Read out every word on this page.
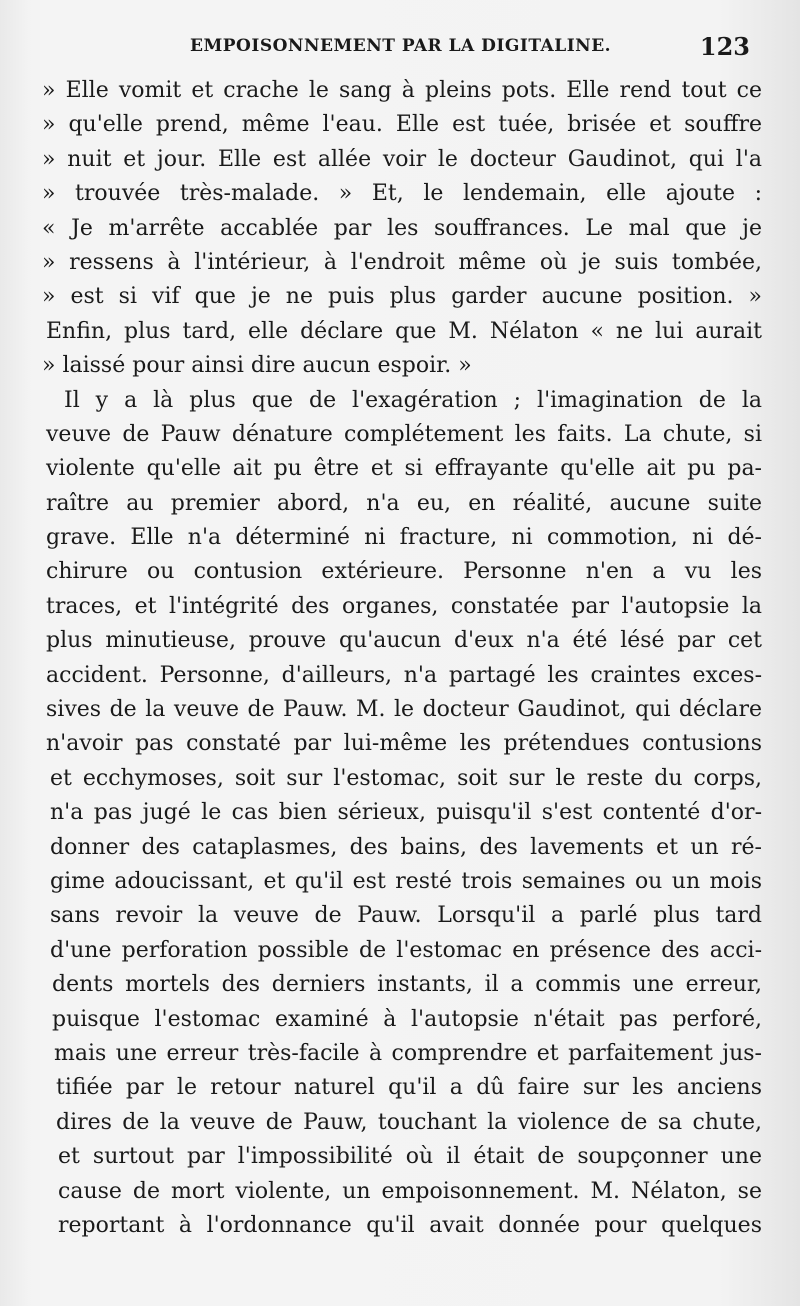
EMPOISONNEMENT PAR LA DIGITALINE.	123
» Elle vomit et crache le sang à pleins pots. Elle rend tout ce
» qu'elle prend, même l'eau. Elle est tuée, brisée et souffre
» nuit et jour. Elle est allée voir le docteur Gaudinot, qui l'a
» trouvée très-malade. » Et, le lendemain, elle ajoute :
« Je m'arrête accablée par les souffrances. Le mal que je
» ressens à l'intérieur, à l'endroit même où je suis tombée,
» est si vif que je ne puis plus garder aucune position. »
Enfin, plus tard, elle déclare que M. Nélaton « ne lui aurait
» laissé pour ainsi dire aucun espoir. »
Il y a là plus que de l'exagération ; l'imagination de la
veuve de Pauw dénature complétement les faits. La chute, si
violente qu'elle ait pu être et si effrayante qu'elle ait pu pa-
raître au premier abord, n'a eu, en réalité, aucune suite
grave. Elle n'a déterminé ni fracture, ni commotion, ni dé-
chirure ou contusion extérieure. Personne n'en a vu les
traces, et l'intégrité des organes, constatée par l'autopsie la
plus minutieuse, prouve qu'aucun d'eux n'a été lésé par cet
accident. Personne, d'ailleurs, n'a partagé les craintes exces-
sives de la veuve de Pauw. M. le docteur Gaudinot, qui déclare
n'avoir pas constaté par lui-même les prétendues contusions
et ecchymoses, soit sur l'estomac, soit sur le reste du corps,
n'a pas jugé le cas bien sérieux, puisqu'il s'est contenté d'or-
donner des cataplasmes, des bains, des lavements et un ré-
gime adoucissant, et qu'il est resté trois semaines ou un mois
sans revoir la veuve de Pauw. Lorsqu'il a parlé plus tard
d'une perforation possible de l'estomac en présence des acci-
dents mortels des derniers instants, il a commis une erreur,
puisque l'estomac examiné à l'autopsie n'était pas perforé,
mais une erreur très-facile à comprendre et parfaitement jus-
tifiée par le retour naturel qu'il a dû faire sur les anciens
dires de la veuve de Pauw, touchant la violence de sa chute,
et surtout par l'impossibilité où il était de soupçonner une
cause de mort violente, un empoisonnement. M. Nélaton, se
reportant à l'ordonnance qu'il avait donnée pour quelques
